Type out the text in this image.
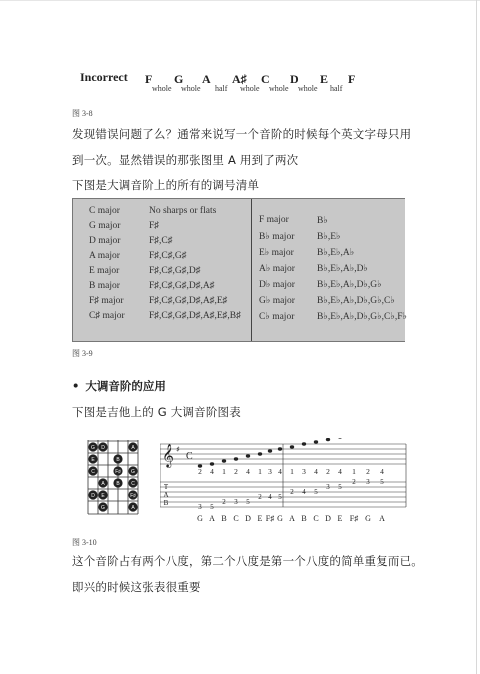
Incorrect F G A A♯ C D E F
whole whole half whole whole whole half
图 3-8
发现错误问题了么？通常来说写一个音阶的时候每个英文字母只用
到一次。显然错误的那张图里 A 用到了两次
下图是大调音阶上的所有的调号清单
C major	No sharps or flats
G major	F♯
D major	F♯,C♯
A major	F♯,C♯,G♯
E major	F♯,C♯,G♯,D♯
B major	F♯,C♯,G♯,D♯,A♯
F♯ major	F♯,C♯,G♯,D♯,A♯,E♯
C♯ major	F♯,C♯,G♯,D♯,A♯,E♯,B♯
F major	B♭
B♭ major B♭,E♭
E♭ major B♭,E♭,A♭
A♭ major B♭,E♭,A♭,D♭
D♭ major B♭,E♭,A♭,D♭,G♭
G♭ major B♭,E♭,A♭,D♭,G♭,C♭
C♭ major B♭,E♭,A♭,D♭,G♭,C♭,F♭
图 3-9
• 大调音阶的应用
下图是吉他上的 G 大调音阶图表
G D	A
E	B
C	F♯ G
A B C
D E	F♯
G	A
𝄞 ♯
C
2 4 1 2 4 1 3 4 1 3 4 2 4 1 2 4
T
A
B	3 5
2 3 5
2 4 5
2 4 5
3 5
2 3 5
G A B C D E F♯ G A B C D E F♯ G A
图 3-10
这个音阶占有两个八度，第二个八度是第一个八度的简单重复而已。
即兴的时候这张表很重要
